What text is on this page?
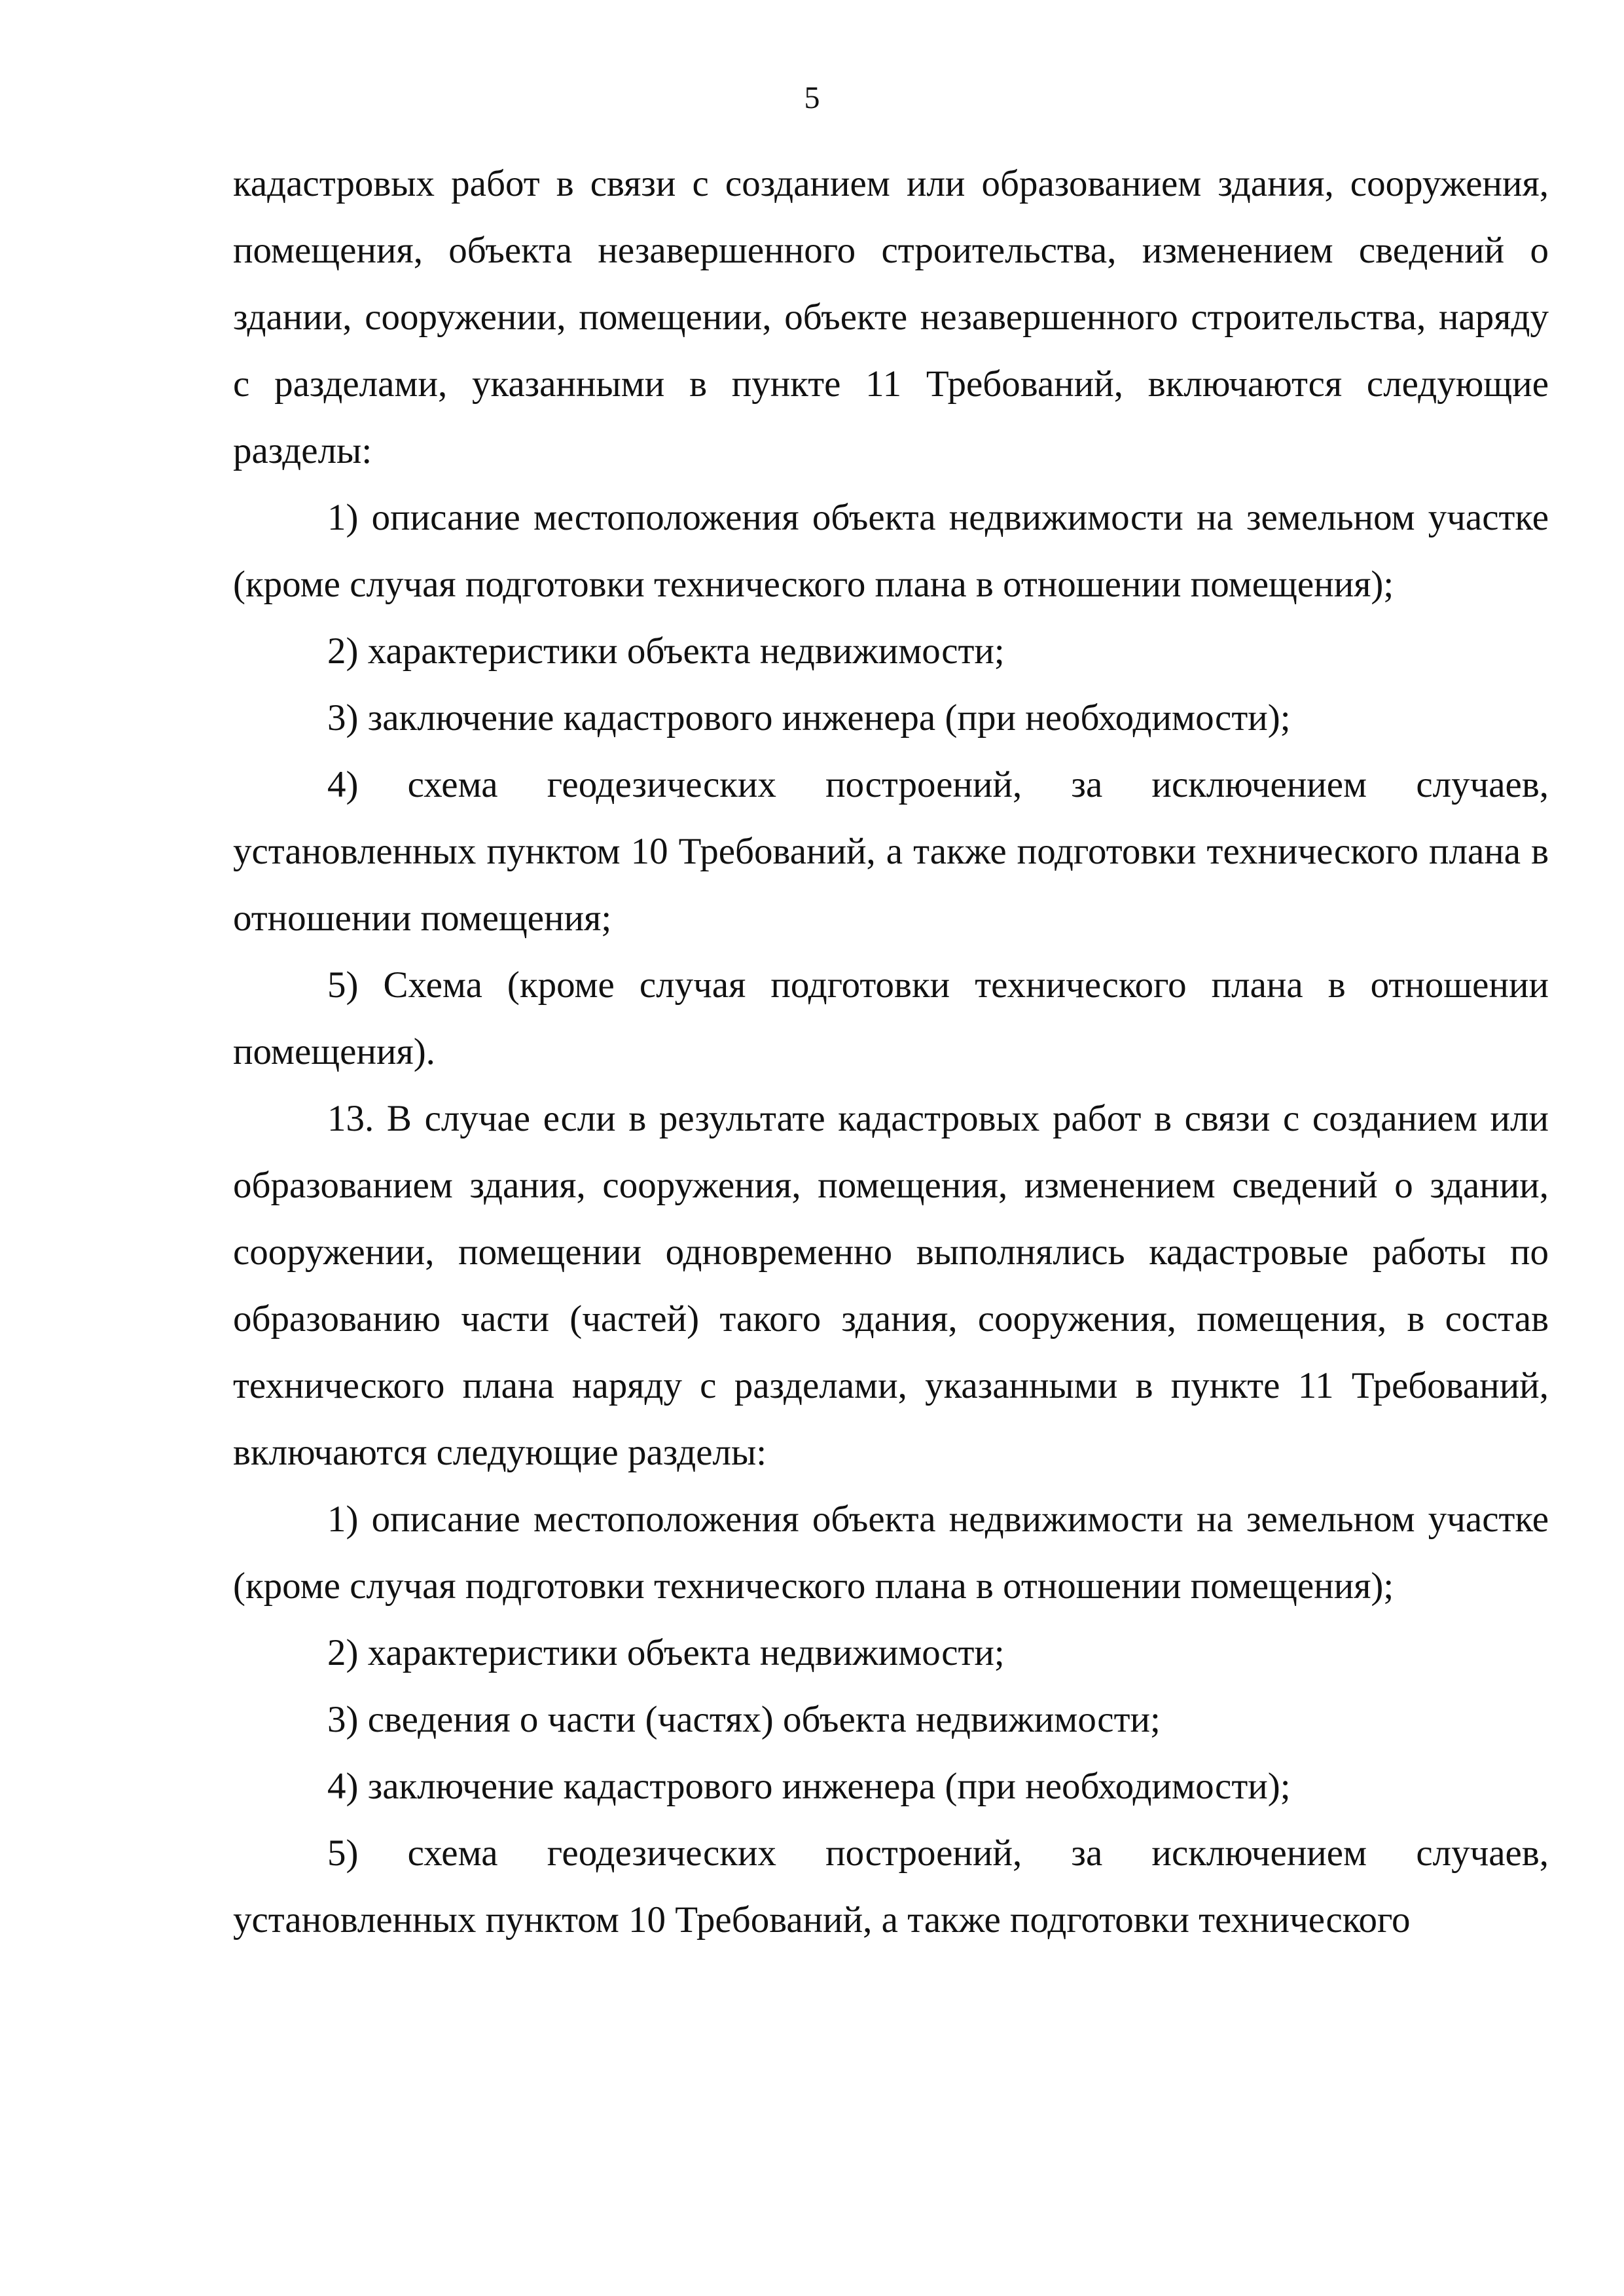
5

кадастровых работ в связи с созданием или образованием здания, сооружения, помещения, объекта незавершенного строительства, изменением сведений о здании, сооружении, помещении, объекте незавершенного строительства, наряду с разделами, указанными в пункте 11 Требований, включаются следующие разделы:

1) описание местоположения объекта недвижимости на земельном участке (кроме случая подготовки технического плана в отношении помещения);

2) характеристики объекта недвижимости;

3) заключение кадастрового инженера (при необходимости);

4) схема геодезических построений, за исключением случаев, установленных пунктом 10 Требований, а также подготовки технического плана в отношении помещения;

5) Схема (кроме случая подготовки технического плана в отношении помещения).

13. В случае если в результате кадастровых работ в связи с созданием или образованием здания, сооружения, помещения, изменением сведений о здании, сооружении, помещении одновременно выполнялись кадастровые работы по образованию части (частей) такого здания, сооружения, помещения, в состав технического плана наряду с разделами, указанными в пункте 11 Требований, включаются следующие разделы:

1) описание местоположения объекта недвижимости на земельном участке (кроме случая подготовки технического плана в отношении помещения);

2) характеристики объекта недвижимости;

3) сведения о части (частях) объекта недвижимости;

4) заключение кадастрового инженера (при необходимости);

5) схема геодезических построений, за исключением случаев, установленных пунктом 10 Требований, а также подготовки технического
